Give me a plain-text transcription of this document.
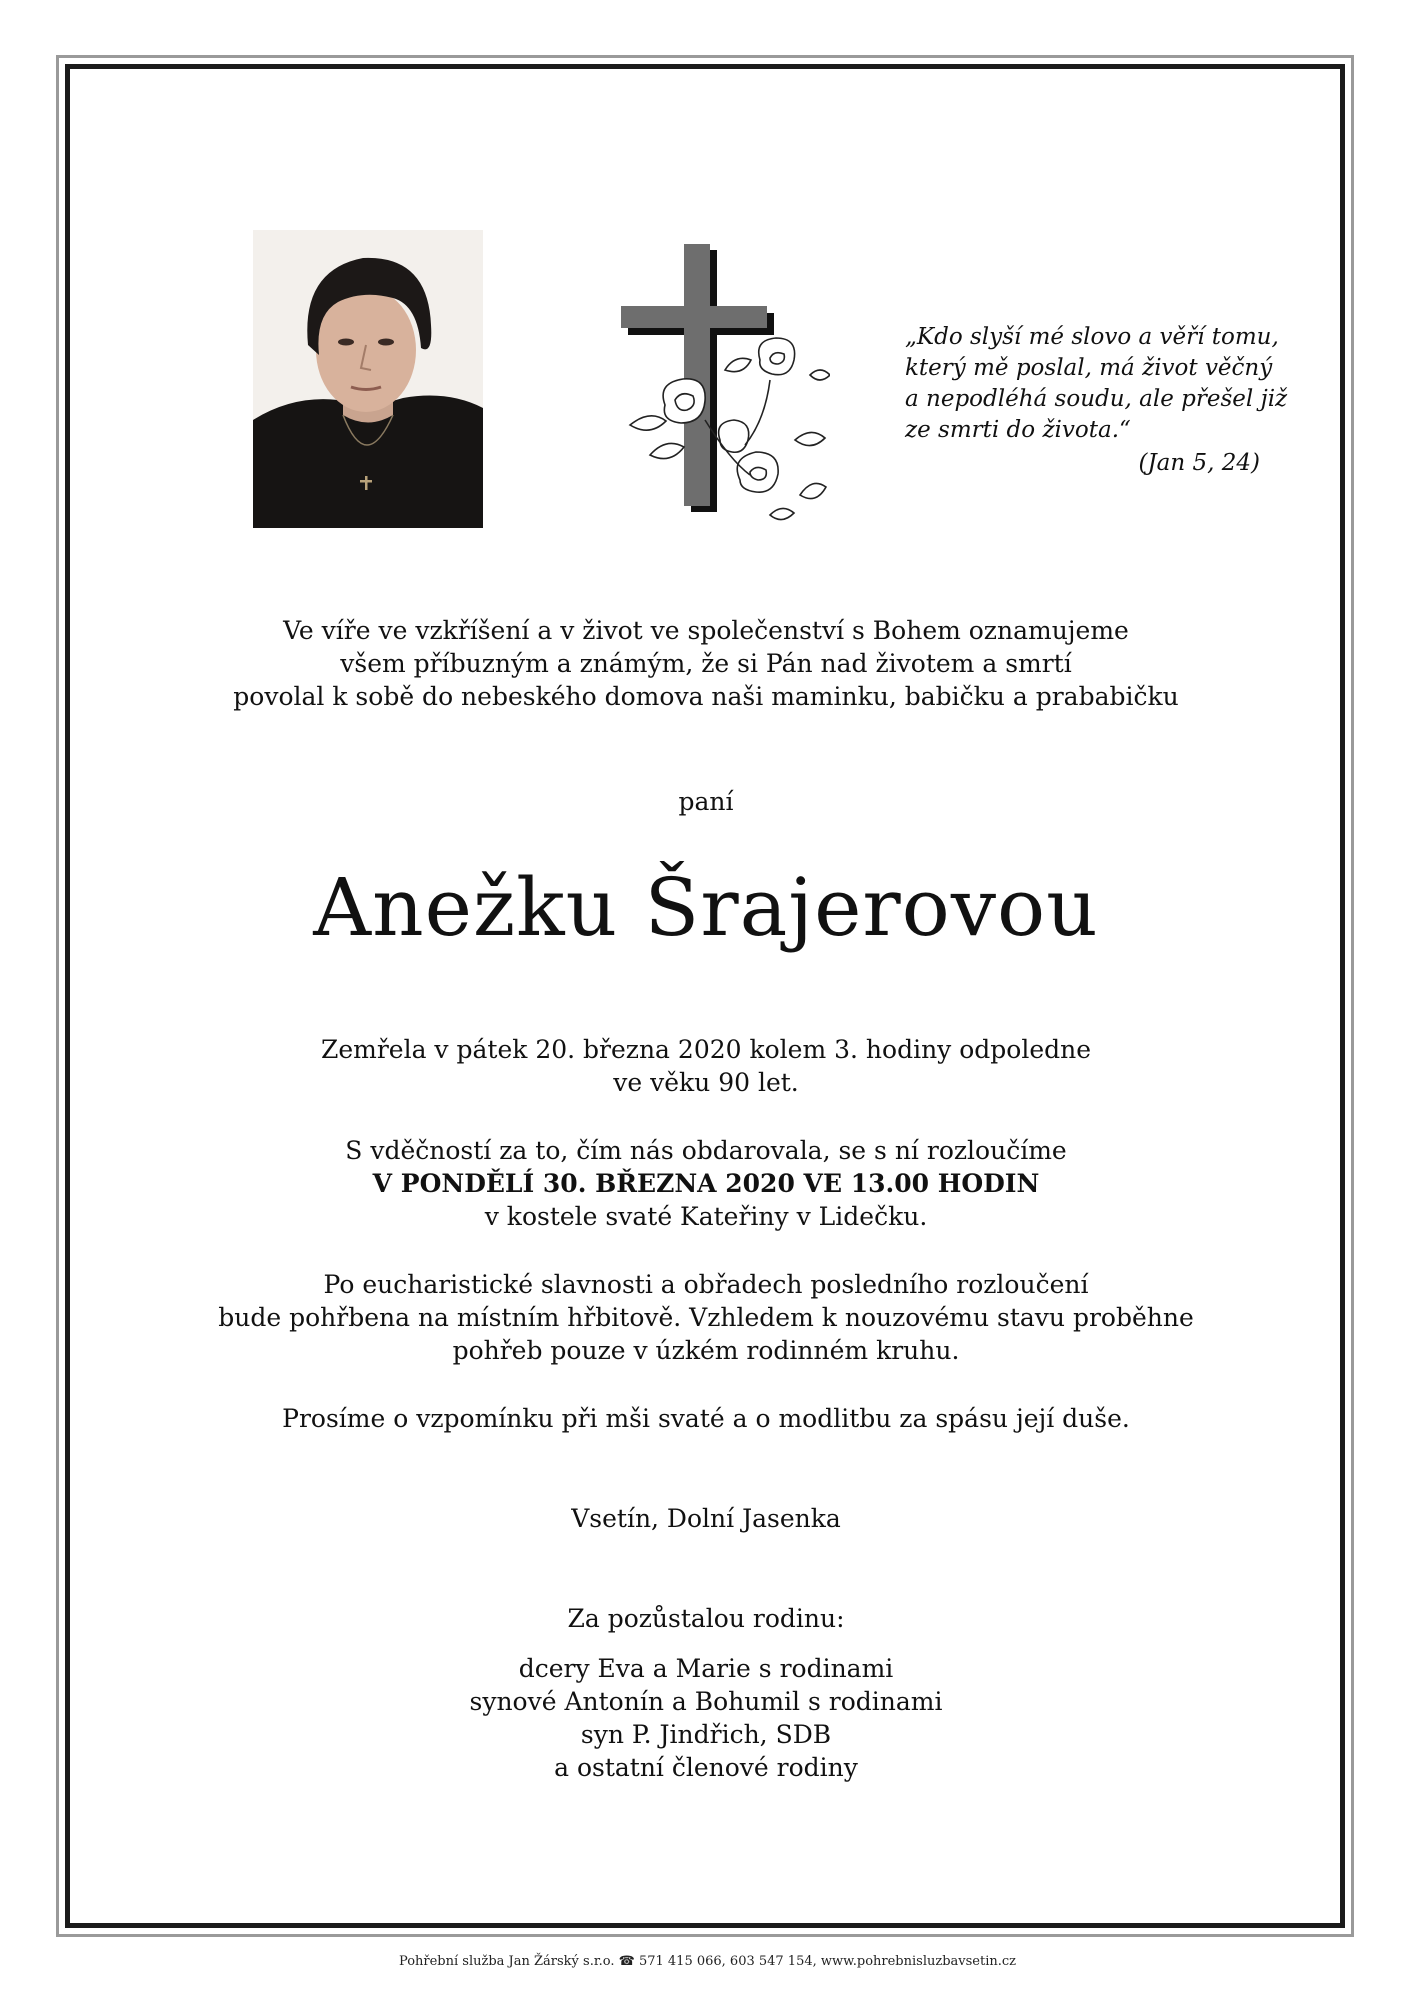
„Kdo slyší mé slovo a věří tomu,
který mě poslal, má život věčný
a nepodléhá soudu, ale přešel již
ze smrti do života.“
(Jan 5, 24)
Ve víře ve vzkříšení a v život ve společenství s Bohem oznamujeme
všem příbuzným a známým, že si Pán nad životem a smrtí
povolal k sobě do nebeského domova naši maminku, babičku a prababičku
paní
Anežku Šrajerovou
Zemřela v pátek 20. března 2020 kolem 3. hodiny odpoledne
ve věku 90 let.
S vděčností za to, čím nás obdarovala, se s ní rozloučíme
V PONDĚLÍ 30. BŘEZNA 2020 VE 13.00 HODIN
v kostele svaté Kateřiny v Lidečku.
Po eucharistické slavnosti a obřadech posledního rozloučení
bude pohřbena na místním hřbitově. Vzhledem k nouzovému stavu proběhne
pohřeb pouze v úzkém rodinném kruhu.
Prosíme o vzpomínku při mši svaté a o modlitbu za spásu její duše.
Vsetín, Dolní Jasenka
Za pozůstalou rodinu:
dcery Eva a Marie s rodinami
synové Antonín a Bohumil s rodinami
syn P. Jindřich, SDB
a ostatní členové rodiny
Pohřební služba Jan Žárský s.r.o. ☎ 571 415 066, 603 547 154, www.pohrebnisluzbavsetin.cz
